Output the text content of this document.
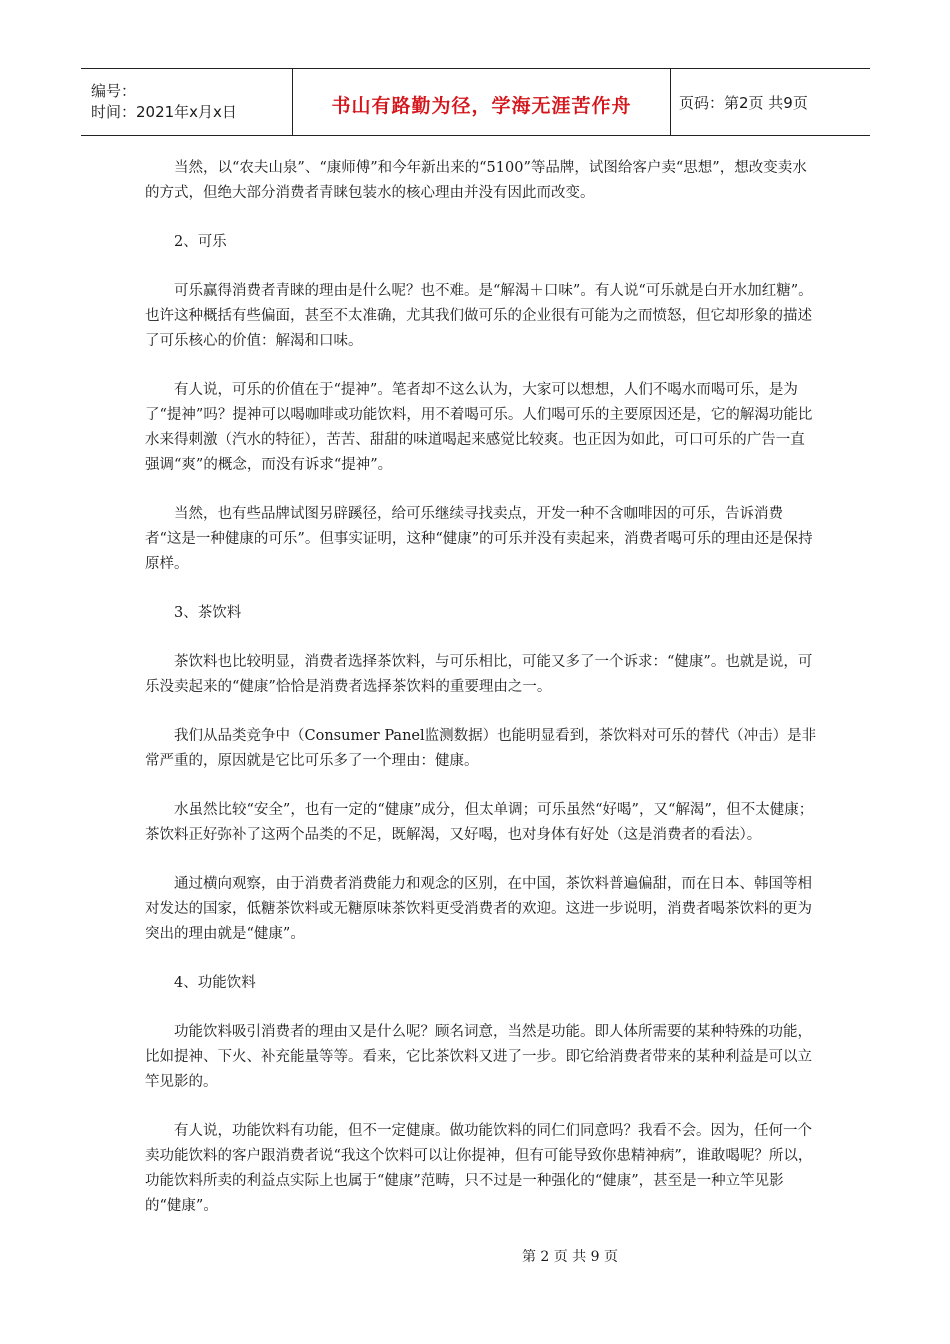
编号：
时间：2021年x月x日	书山有路勤为径，学海无涯苦作舟	页码：第2页 共9页

当然，以“农夫山泉”、“康师傅”和今年新出来的“5100”等品牌，试图给客户卖“思想”，想改变卖水的方式，但绝大部分消费者青睐包装水的核心理由并没有因此而改变。

2、可乐

可乐赢得消费者青睐的理由是什么呢？也不难。是“解渴＋口味”。有人说“可乐就是白开水加红糖”。也许这种概括有些偏面，甚至不太准确，尤其我们做可乐的企业很有可能为之而愤怒，但它却形象的描述了可乐核心的价值：解渴和口味。

有人说，可乐的价值在于“提神”。笔者却不这么认为，大家可以想想，人们不喝水而喝可乐，是为了“提神”吗？提神可以喝咖啡或功能饮料，用不着喝可乐。人们喝可乐的主要原因还是，它的解渴功能比水来得刺激（汽水的特征），苦苦、甜甜的味道喝起来感觉比较爽。也正因为如此，可口可乐的广告一直强调“爽”的概念，而没有诉求“提神”。

当然，也有些品牌试图另辟蹊径，给可乐继续寻找卖点，开发一种不含咖啡因的可乐，告诉消费者“这是一种健康的可乐”。但事实证明，这种“健康”的可乐并没有卖起来，消费者喝可乐的理由还是保持原样。

3、茶饮料

茶饮料也比较明显，消费者选择茶饮料，与可乐相比，可能又多了一个诉求：“健康”。也就是说，可乐没卖起来的“健康”恰恰是消费者选择茶饮料的重要理由之一。

我们从品类竞争中（Consumer Panel监测数据）也能明显看到，茶饮料对可乐的替代（冲击）是非常严重的，原因就是它比可乐多了一个理由：健康。

水虽然比较“安全”，也有一定的“健康”成分，但太单调；可乐虽然“好喝”，又“解渴”，但不太健康；茶饮料正好弥补了这两个品类的不足，既解渴，又好喝，也对身体有好处（这是消费者的看法）。

通过横向观察，由于消费者消费能力和观念的区别，在中国，茶饮料普遍偏甜，而在日本、韩国等相对发达的国家，低糖茶饮料或无糖原味茶饮料更受消费者的欢迎。这进一步说明，消费者喝茶饮料的更为突出的理由就是“健康”。

4、功能饮料

功能饮料吸引消费者的理由又是什么呢？顾名词意，当然是功能。即人体所需要的某种特殊的功能，比如提神、下火、补充能量等等。看来，它比茶饮料又进了一步。即它给消费者带来的某种利益是可以立竿见影的。

有人说，功能饮料有功能，但不一定健康。做功能饮料的同仁们同意吗？我看不会。因为，任何一个卖功能饮料的客户跟消费者说“我这个饮料可以让你提神，但有可能导致你患精神病”，谁敢喝呢？所以，功能饮料所卖的利益点实际上也属于“健康”范畴，只不过是一种强化的“健康”，甚至是一种立竿见影的“健康”。

第 2 页 共 9 页
